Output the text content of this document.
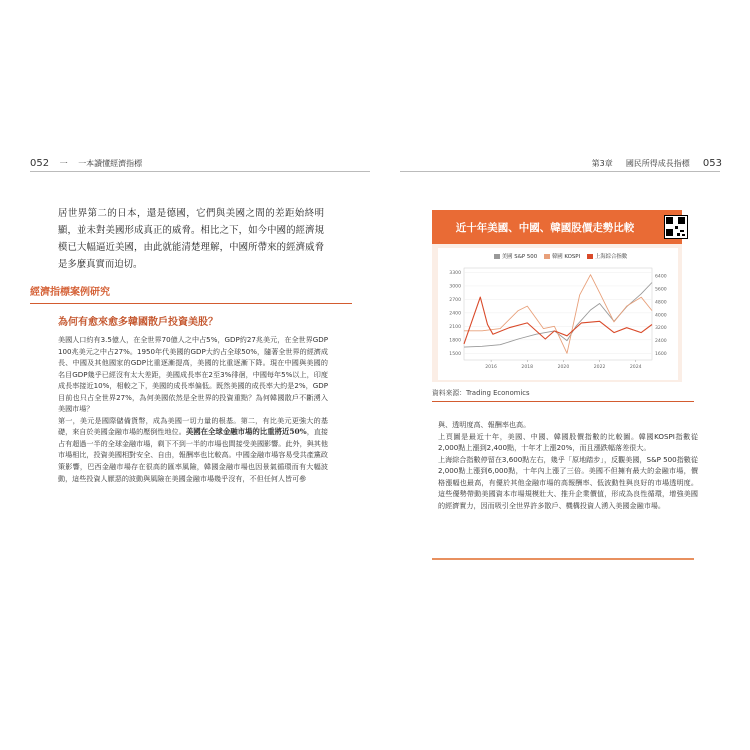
052 　一　 一本讀懂經濟指標	第3章 　 國民所得成長指標 　 053

居世界第二的日本，還是德國，它們與美國之間的差距始終明顯，並未對美國形成真正的威脅。相比之下，如今中國的經濟規模已大幅逼近美國，由此就能清楚理解，中國所帶來的經濟威脅是多麼真實而迫切。

經濟指標案例研究

為何有愈來愈多韓國散戶投資美股？

美國人口約有3.5億人，在全世界70億人之中占5%，GDP約27兆美元，在全世界GDP 100兆美元之中占27%。1950年代美國的GDP大約占全球50%，隨著全世界的經濟成長、中國及其他國家的GDP比重逐漸提高，美國的比重逐漸下降。現在中國與美國的名目GDP幾乎已經沒有太大差距，美國成長率在2至3%徘徊，中國每年5%以上，印度成長率接近10%，相較之下，美國的成長率偏低。既然美國的成長率大約是2%，GDP目前也只占全世界27%，為何美國依然是全世界的投資重點？為何韓國散戶不斷湧入美國市場？

第一，美元是國際儲備貨幣，成為美國一切力量的根基。第二，有比美元更強大的基礎，來自於美國金融市場的壓倒性地位。美國在全球金融市場的比重將近50%，直接占有超過一半的全球金融市場，剩下不到一半的市場也間接受美國影響。此外，與其他市場相比，投資美國相對安全、自由，報酬率也比較高。中國金融市場容易受共產黨政策影響，巴西金融市場存在很高的匯率風險，韓國金融市場也因景氣循環而有大幅波動，這些投資人厭惡的波動與風險在美國金融市場幾乎沒有，不但任何人皆可參

近十年美國、中國、韓國股價走勢比較
美國 S&P 500	韓國 KOSPI	上海綜合指數
3300
3000
2700
2400
2100
1800
1500
6400
5600
4800
4000
3200
2400
1600
2016	2018	2020	2022	2024
資料來源：Trading Economics

與、透明度高、報酬率也高。

上頁圖是最近十年，美國、中國、韓國股價指數的比較圖。韓國KOSPI指數從2,000點上漲到2,400點，十年才上漲20%，而且漲跌幅落差很大。

上海綜合指數停留在3,600點左右，幾乎「原地踏步」，反觀美國，S&P 500指數從2,000點上漲到6,000點，十年內上漲了三倍。美國不但擁有最大的金融市場，價格漲幅也最高，有優於其他金融市場的高報酬率、低波動性與良好的市場透明度。這些優勢帶動美國資本市場規模壯大、推升企業價值，形成為良性循環，增強美國的經濟實力，因而吸引全世界許多散戶、機構投資人湧入美國金融市場。
